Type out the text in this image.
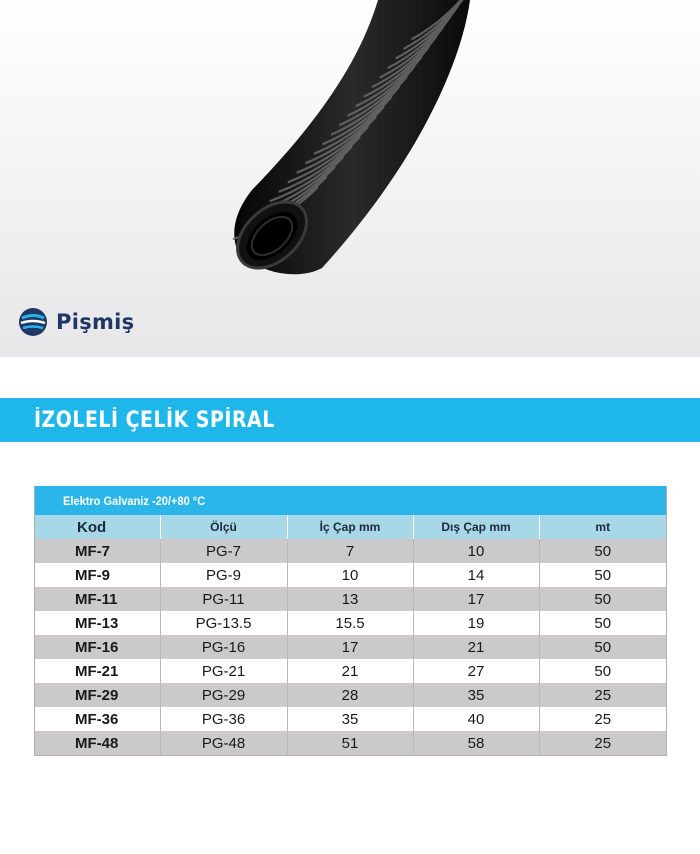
Pişmiş
İZOLELİ ÇELİK SPİRAL
Elektro Galvaniz -20/+80 °C
Kod	Ölçü	İç Çap mm	Dış Çap mm	mt
MF-7	PG-7	7	10	50
MF-9	PG-9	10	14	50
MF-11	PG-11	13	17	50
MF-13	PG-13.5	15.5	19	50
MF-16	PG-16	17	21	50
MF-21	PG-21	21	27	50
MF-29	PG-29	28	35	25
MF-36	PG-36	35	40	25
MF-48	PG-48	51	58	25
